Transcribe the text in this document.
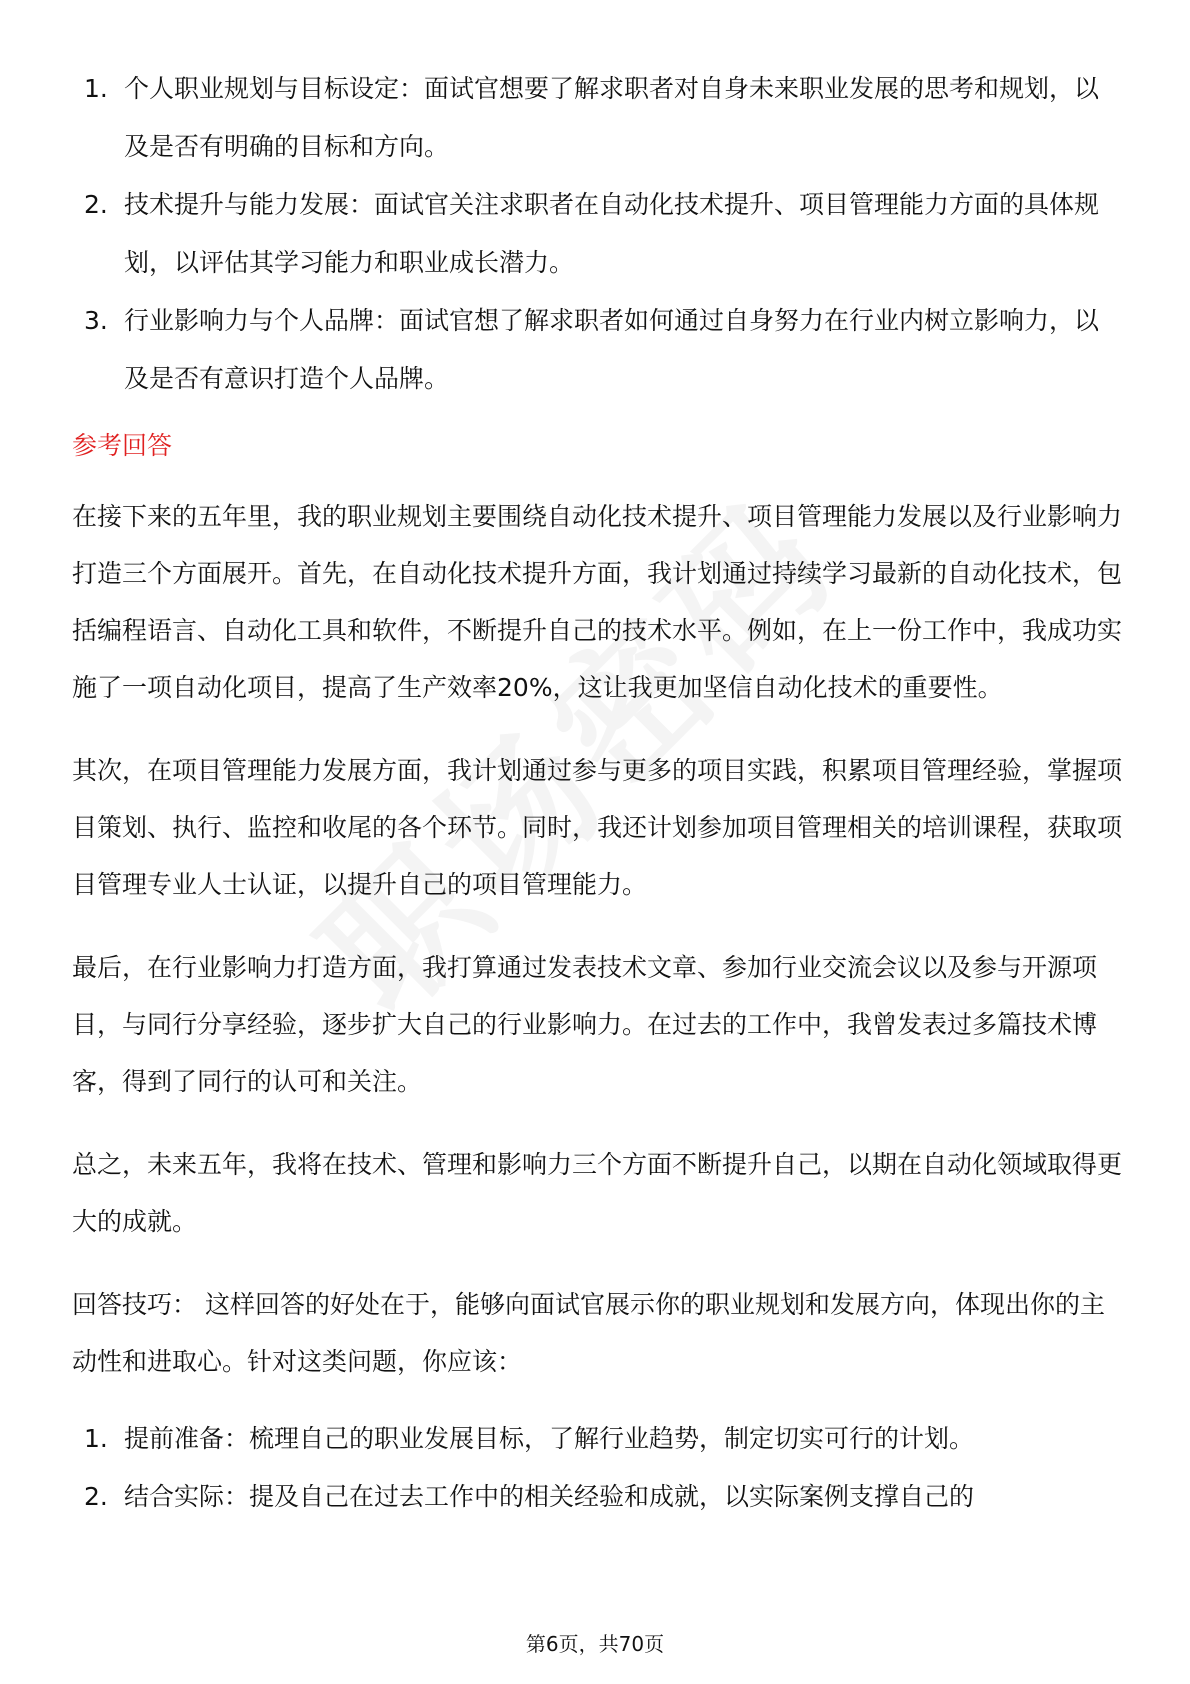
1. 个人职业规划与目标设定：面试官想要了解求职者对自身未来职业发展的思考和规划，以及是否有明确的目标和方向。
2. 技术提升与能力发展：面试官关注求职者在自动化技术提升、项目管理能力方面的具体规划，以评估其学习能力和职业成长潜力。
3. 行业影响力与个人品牌：面试官想了解求职者如何通过自身努力在行业内树立影响力，以及是否有意识打造个人品牌。
参考回答

在接下来的五年里，我的职业规划主要围绕自动化技术提升、项目管理能力发展以及行业影响力打造三个方面展开。首先，在自动化技术提升方面，我计划通过持续学习最新的自动化技术，包括编程语言、自动化工具和软件，不断提升自己的技术水平。例如，在上一份工作中，我成功实施了一项自动化项目，提高了生产效率20%，这让我更加坚信自动化技术的重要性。

其次，在项目管理能力发展方面，我计划通过参与更多的项目实践，积累项目管理经验，掌握项目策划、执行、监控和收尾的各个环节。同时，我还计划参加项目管理相关的培训课程，获取项目管理专业人士认证，以提升自己的项目管理能力。

最后，在行业影响力打造方面，我打算通过发表技术文章、参加行业交流会议以及参与开源项目，与同行分享经验，逐步扩大自己的行业影响力。在过去的工作中，我曾发表过多篇技术博客，得到了同行的认可和关注。

总之，未来五年，我将在技术、管理和影响力三个方面不断提升自己，以期在自动化领域取得更大的成就。

回答技巧： 这样回答的好处在于，能够向面试官展示你的职业规划和发展方向，体现出你的主动性和进取心。针对这类问题，你应该：

1. 提前准备：梳理自己的职业发展目标，了解行业趋势，制定切实可行的计划。
2. 结合实际：提及自己在过去工作中的相关经验和成就，以实际案例支撑自己的
第6页，共70页
